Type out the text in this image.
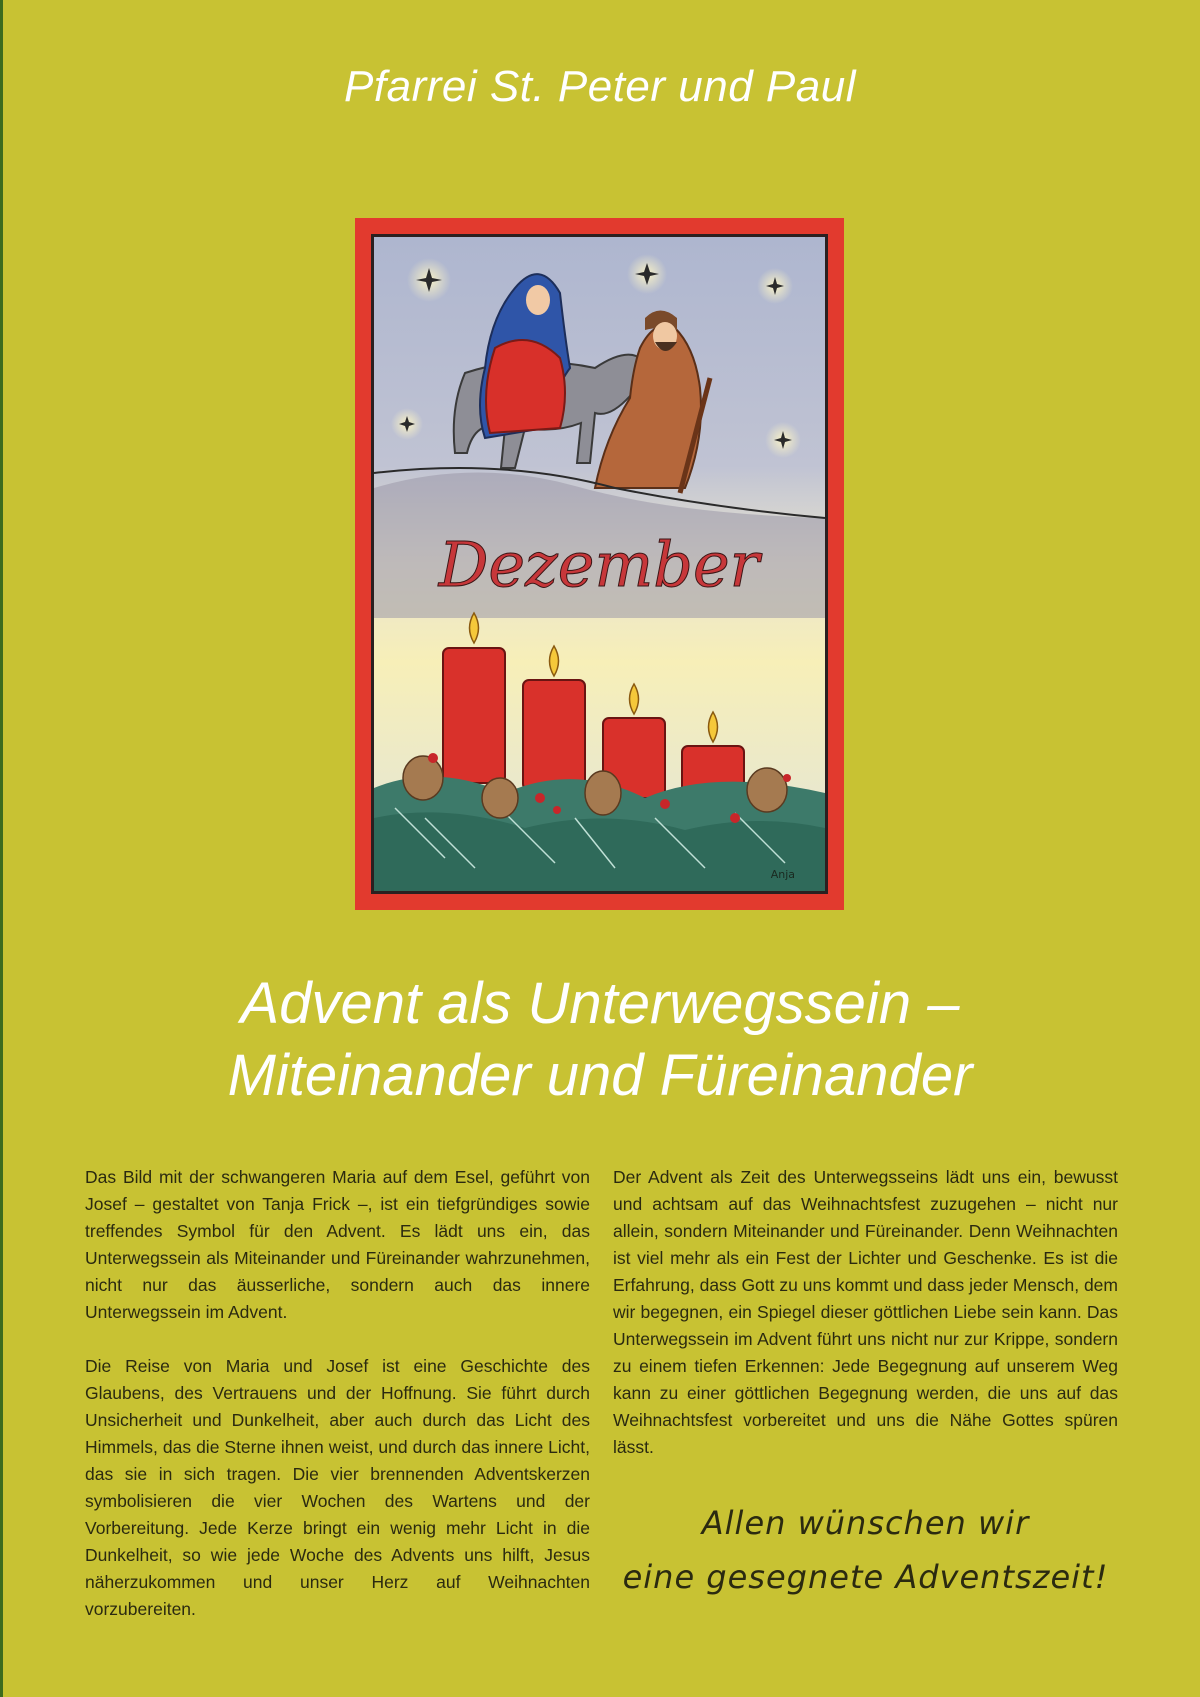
Pfarrei St. Peter und Paul
Dezember
Anja
Advent als Unterwegssein –
Miteinander und Füreinander

Das Bild mit der schwangeren Maria auf dem Esel, geführt von Josef – gestaltet von Tanja Frick –, ist ein tiefgründiges sowie treffendes Symbol für den Advent. Es lädt uns ein, das Unterwegssein als Miteinander und Füreinander wahrzunehmen, nicht nur das äusserliche, sondern auch das innere Unterwegssein im Advent.

Die Reise von Maria und Josef ist eine Geschichte des Glaubens, des Vertrauens und der Hoffnung. Sie führt durch Unsicherheit und Dunkelheit, aber auch durch das Licht des Himmels, das die Sterne ihnen weist, und durch das innere Licht, das sie in sich tragen. Die vier brennenden Adventskerzen symbolisieren die vier Wochen des Wartens und der Vorbereitung. Jede Kerze bringt ein wenig mehr Licht in die Dunkelheit, so wie jede Woche des Advents uns hilft, Jesus näherzukommen und unser Herz auf Weihnachten vorzubereiten.

Der Advent als Zeit des Unterwegsseins lädt uns ein, bewusst und achtsam auf das Weihnachtsfest zuzugehen – nicht nur allein, sondern Miteinander und Füreinander. Denn Weihnachten ist viel mehr als ein Fest der Lichter und Geschenke. Es ist die Erfahrung, dass Gott zu uns kommt und dass jeder Mensch, dem wir begegnen, ein Spiegel dieser göttlichen Liebe sein kann. Das Unterwegssein im Advent führt uns nicht nur zur Krippe, sondern zu einem tiefen Erkennen: Jede Begegnung auf unserem Weg kann zu einer göttlichen Begegnung werden, die uns auf das Weihnachtsfest vorbereitet und uns die Nähe Gottes spüren lässt.

Allen wünschen wir
eine gesegnete Adventszeit!
